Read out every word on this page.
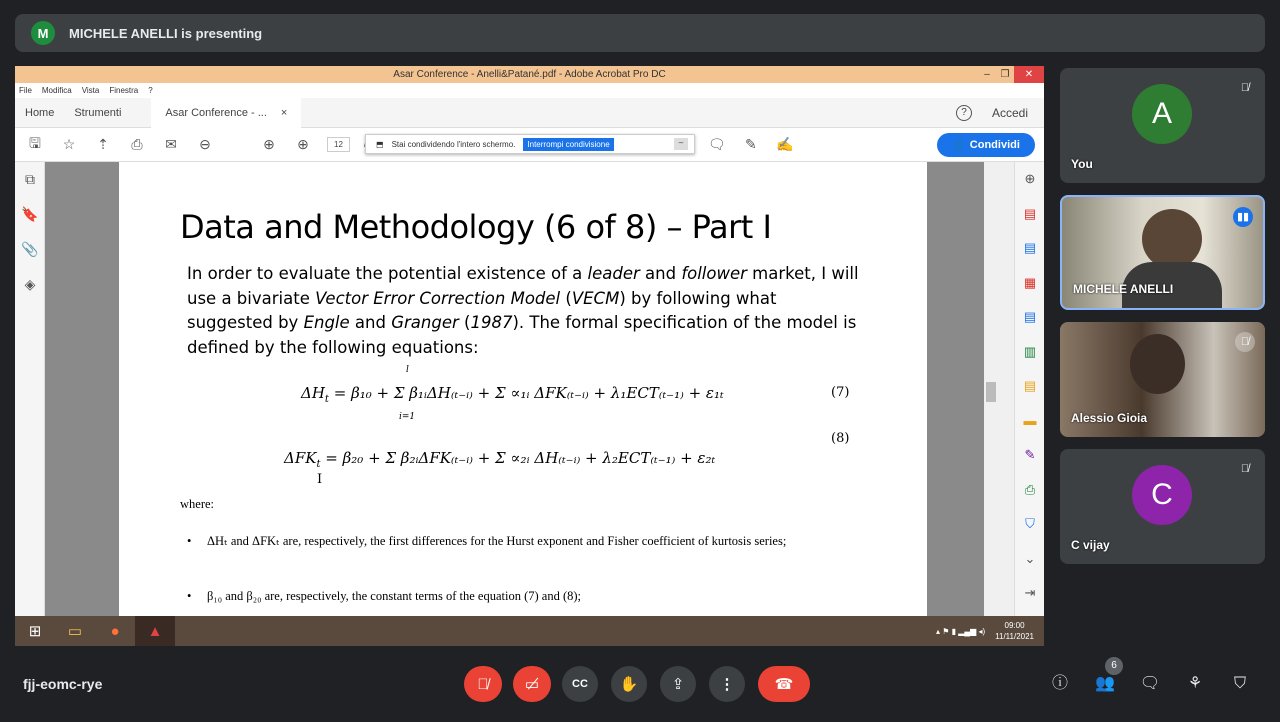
M	MICHELE ANELLI is presenting
Asar Conference - Anelli&Patané.pdf - Adobe Acrobat Pro DC	–	❐	✕
File Modifica Vista Finestra ?
Home	Strumenti	Asar Conference - ... ×	?	Accedi
🖫 ☆ ⇡	⎙	✉ ⊖	⊕ ⊕	12	🗨 ✎ ✍
⬒ Stai condividendo l'intero schermo.	Interrompi condivisione	–	👤 Condividi
⧉
🔖
📎
◈
Data and Methodology (6 of 8) – Part I
In order to evaluate the potential existence of a leader and follower market, I will use a bivariate Vector Error Correction Model (VECM) by following what suggested by Engle and Granger (1987). The formal specification of the model is defined by the following equations:
$\Delta H_t = \beta_{10} + \Sigma$ β₁ᵢΔH₍ₜ₋ᵢ₎ + Σ ∝₁ᵢ ΔFK₍ₜ₋ᵢ₎ + λ₁ECT₍ₜ₋₁₎ + ε₁ₜ
l
i=1
(7)
$\Delta FK_t = \beta_{20} + \Sigma$ β₂ᵢΔFK₍ₜ₋ᵢ₎ + Σ ∝₂ᵢ ΔH₍ₜ₋ᵢ₎ + λ₂ECT₍ₜ₋₁₎ + ε₂ₜ
(8)
I
where:
• ΔHₜ and ΔFKₜ are, respectively, the first differences for the Hurst exponent and Fisher coefficient of kurtosis series;
• β₁₀ and β₂₀ are, respectively, the constant terms of the equation (7) and (8);
⊕
▤
▤
▦
▤
▥
▤
▬
✎
⎙
⛉
⌄
⇥
⊞	▭	●	▲	▴ ⚑ ▮ ▂▄▆ ◂)
09:00
11/11/2021
A
🎙̸
You
▮▮
MICHELE ANELLI
🎙̸
Alessio Gioia
C
🎙̸
C vijay
fjj-eomc-rye	🎙̸	▭̸	CC	✋	⇪	⋮	☎	ⓘ 👥
6
🗨	⚘	⛉
